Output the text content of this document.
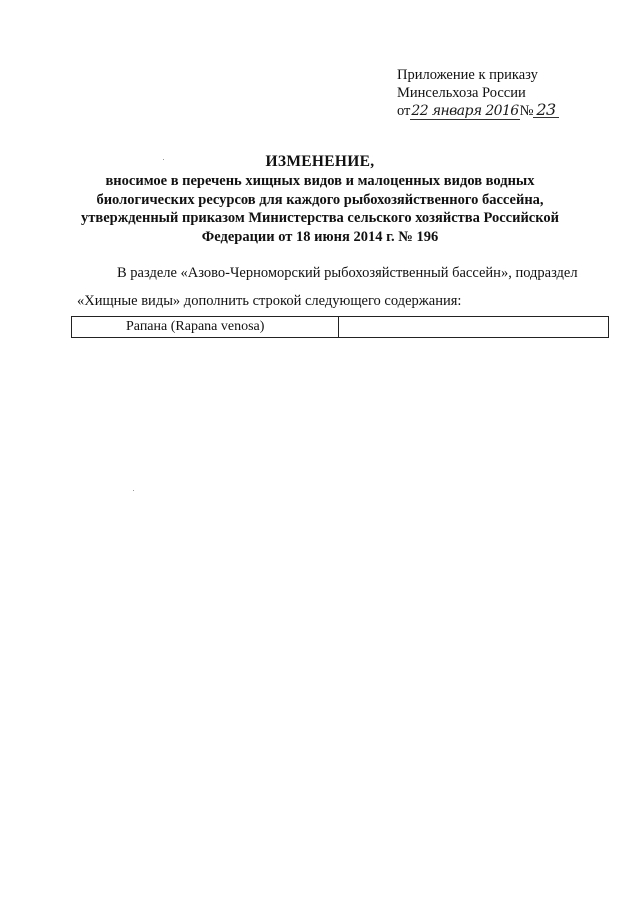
Приложение к приказу
Минсельхоза России
от 22 января 2016 № 23
ИЗМЕНЕНИЕ,
вносимое в перечень хищных видов и малоценных видов водных
биологических ресурсов для каждого рыбохозяйственного бассейна,
утвержденный приказом Министерства сельского хозяйства Российской
Федерации от 18 июня 2014 г. № 196
В разделе «Азово-Черноморский рыбохозяйственный бассейн», подраздел
«Хищные виды» дополнить строкой следующего содержания:
Рапана (Rapana venosa)
